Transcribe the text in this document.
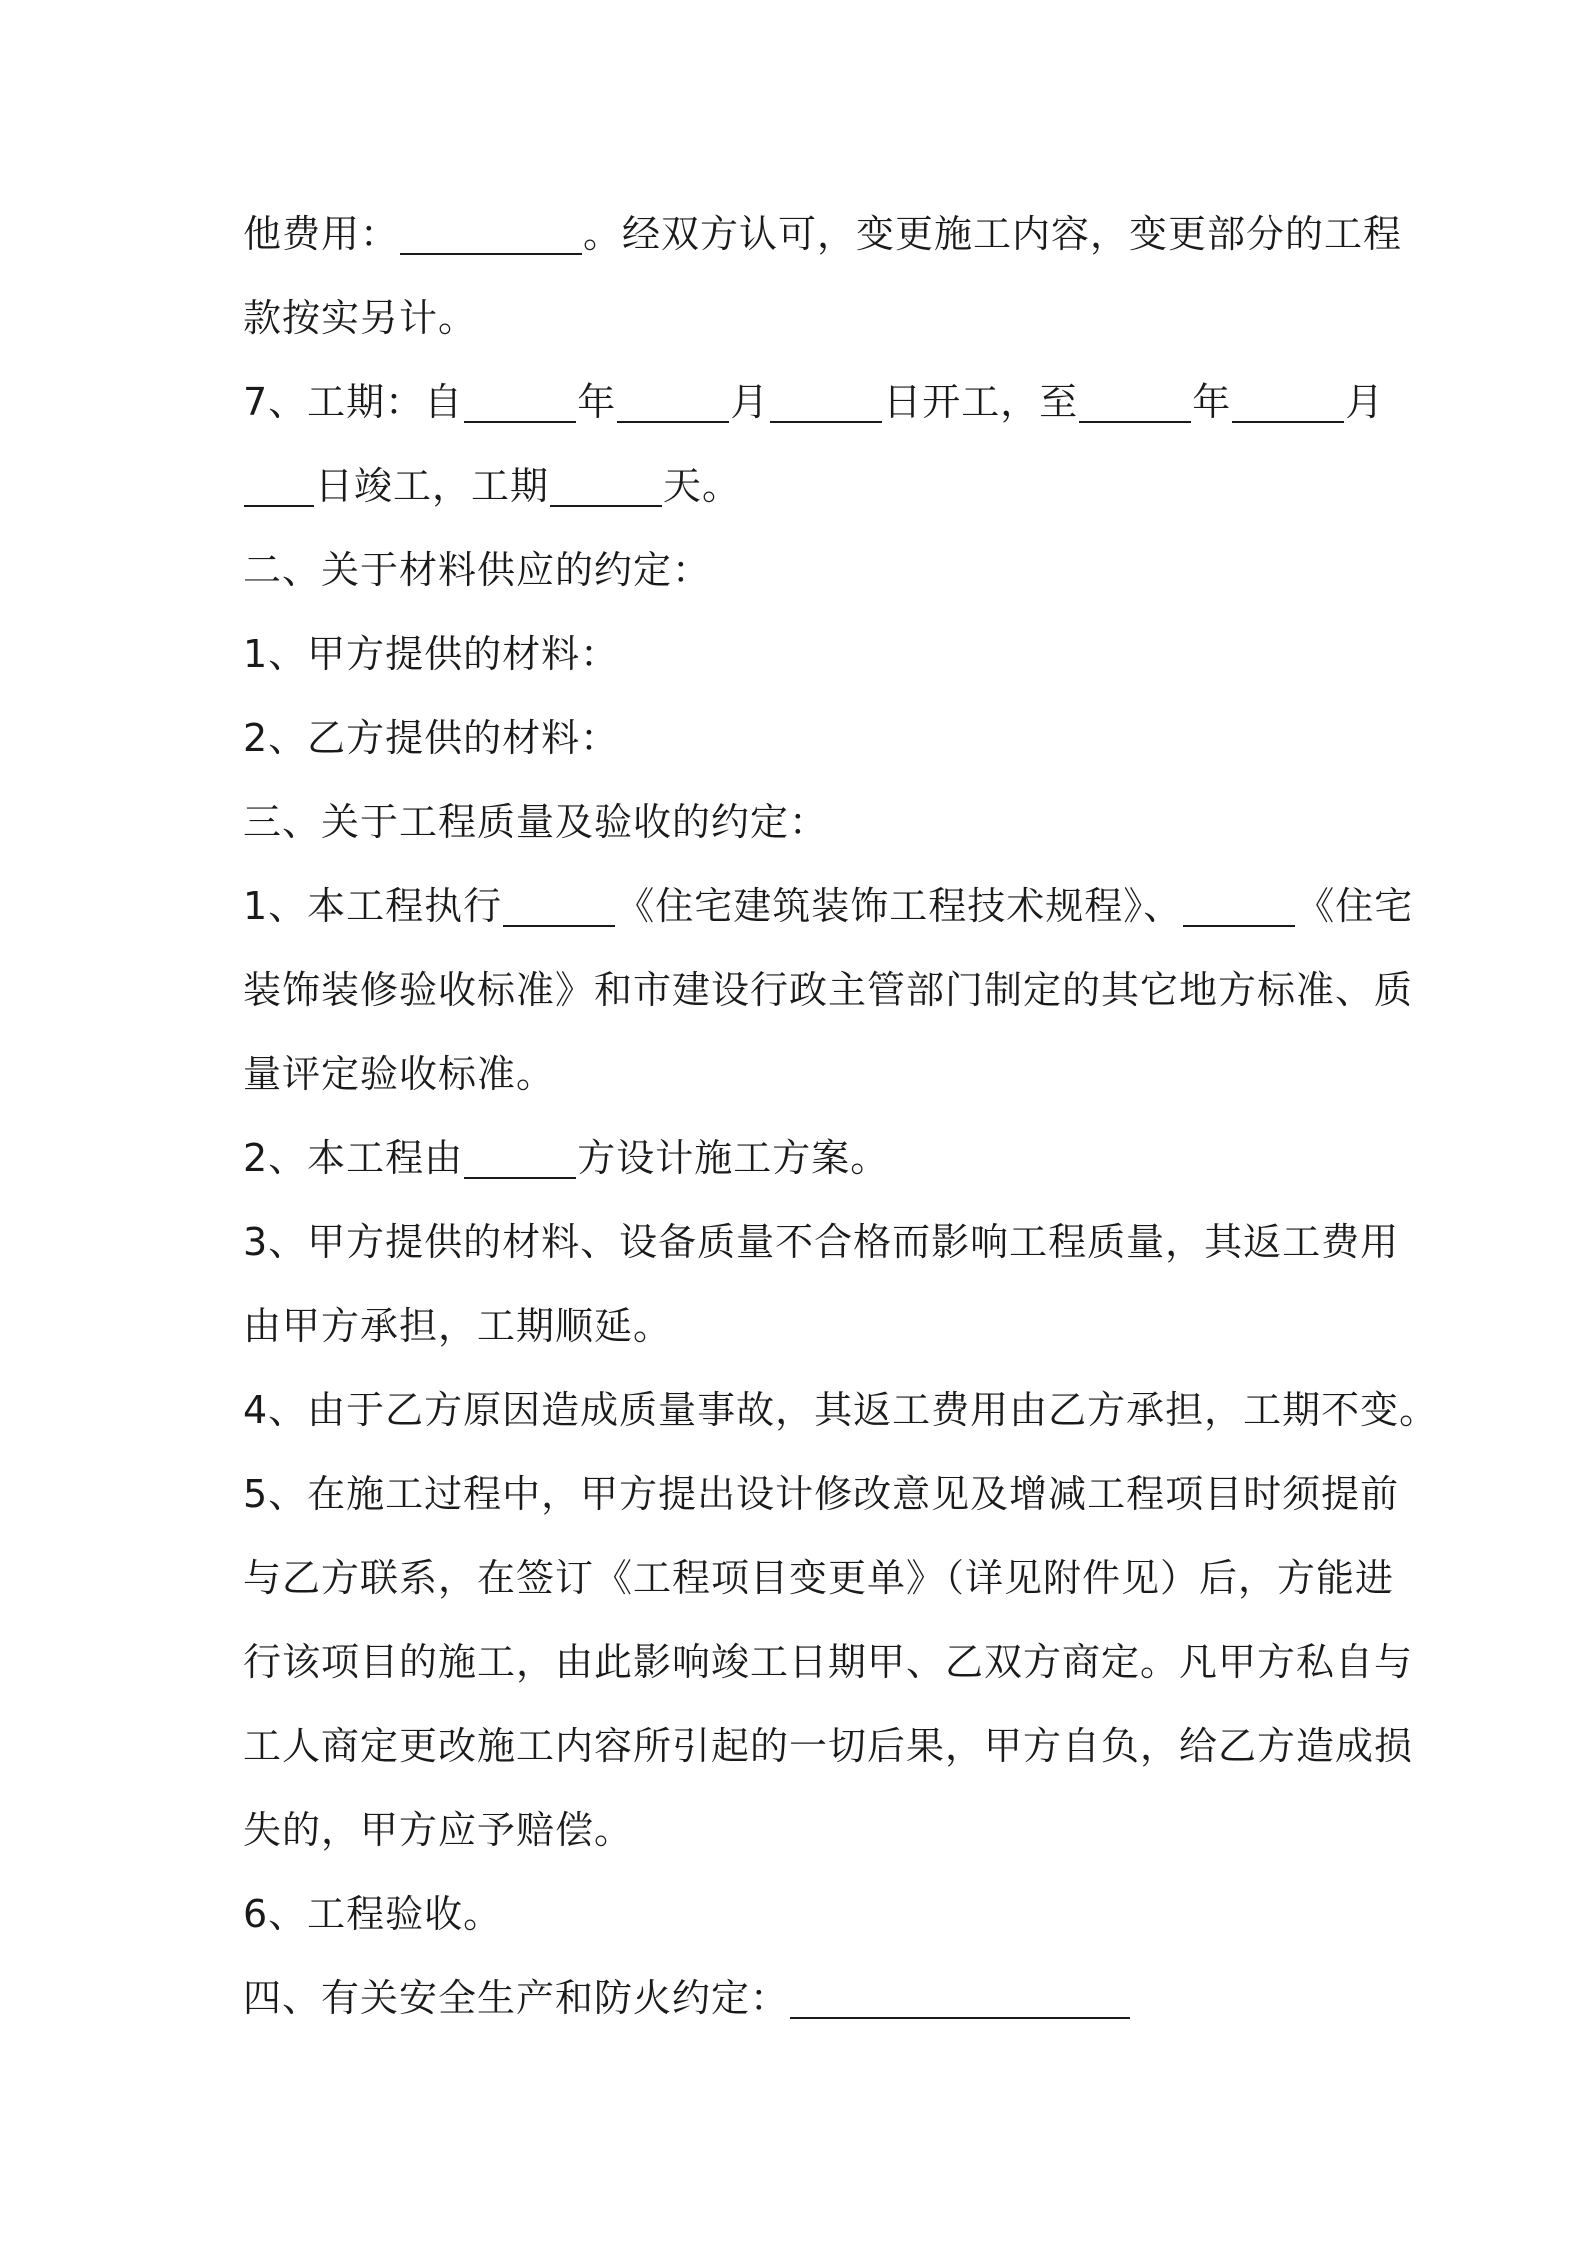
他费用：	。经双方认可，变更施工内容，变更部分的工程
款按实另计。
7、工期：自	年	月	日开工，至	年	月
日竣工，工期	天。
二、关于材料供应的约定：
1、甲方提供的材料：
2、乙方提供的材料：
三、关于工程质量及验收的约定：
1、本工程执行	《住宅建筑装饰工程技术规程》、	《住宅
装饰装修验收标准》和市建设行政主管部门制定的其它地方标准、质
量评定验收标准。
2、本工程由	方设计施工方案。
3、甲方提供的材料、设备质量不合格而影响工程质量，其返工费用
由甲方承担，工期顺延。
4、由于乙方原因造成质量事故，其返工费用由乙方承担，工期不变。
5、在施工过程中，甲方提出设计修改意见及增减工程项目时须提前
与乙方联系，在签订《工程项目变更单》（详见附件见）后，方能进
行该项目的施工，由此影响竣工日期甲、乙双方商定。凡甲方私自与
工人商定更改施工内容所引起的一切后果，甲方自负，给乙方造成损
失的，甲方应予赔偿。
6、工程验收。
四、有关安全生产和防火约定：
